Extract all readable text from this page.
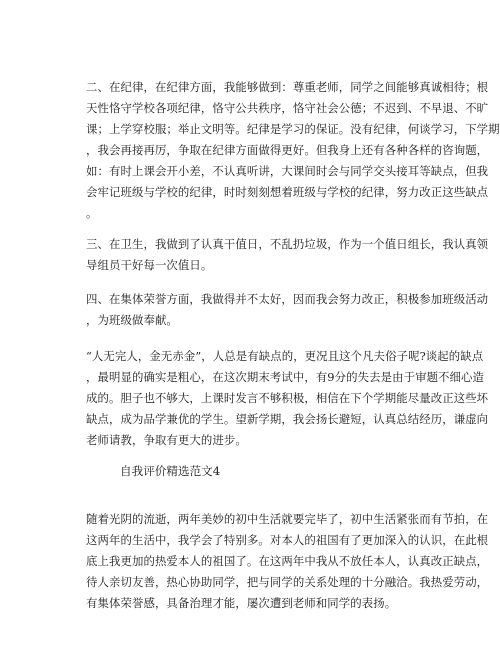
二、在纪律，在纪律方面，我能够做到：尊重老师，同学之间能够真诚相待；根
天性恪守学校各项纪律，恪守公共秩序，恪守社会公德；不迟到、不早退、不旷
课；上学穿校服；举止文明等。纪律是学习的保证。没有纪律，何谈学习，下学期
，我会再接再厉，争取在纪律方面做得更好。但我身上还有各种各样的咨询题，
如：有时上课会开小差，不认真听讲，大课间时会与同学交头接耳等缺点，但我
会牢记班级与学校的纪律，时时刻刻想着班级与学校的纪律，努力改正这些缺点
。
三、在卫生，我做到了认真干值日，不乱扔垃圾，作为一个值日组长，我认真领
导组员干好每一次值日。
四、在集体荣誉方面，我做得并不太好，因而我会努力改正，积极参加班级活动
，为班级做奉献。
“人无完人，金无赤金”，人总是有缺点的，更况且这个凡夫俗子呢?谈起的缺点
，最明显的确实是粗心，在这次期末考试中，有9分的失去是由于审题不细心造
成的。胆子也不够大，上课时发言不够积极，相信在下个学期能尽量改正这些坏
缺点，成为品学兼优的学生。望新学期，我会扬长避短，认真总结经历，谦虚向
老师请教，争取有更大的进步。
自我评价精选范文4
随着光阴的流逝，两年美妙的初中生活就要完毕了，初中生活紧张而有节拍，在
这两年的生活中，我学会了特别多。对本人的祖国有了更加深入的认识，在此根
底上我更加的热爱本人的祖国了。在这两年中我从不放任本人，认真改正缺点，
待人亲切友善，热心协助同学，把与同学的关系处理的十分融洽。我热爱劳动，
有集体荣誉感，具备治理才能，屡次遭到老师和同学的表扬。
